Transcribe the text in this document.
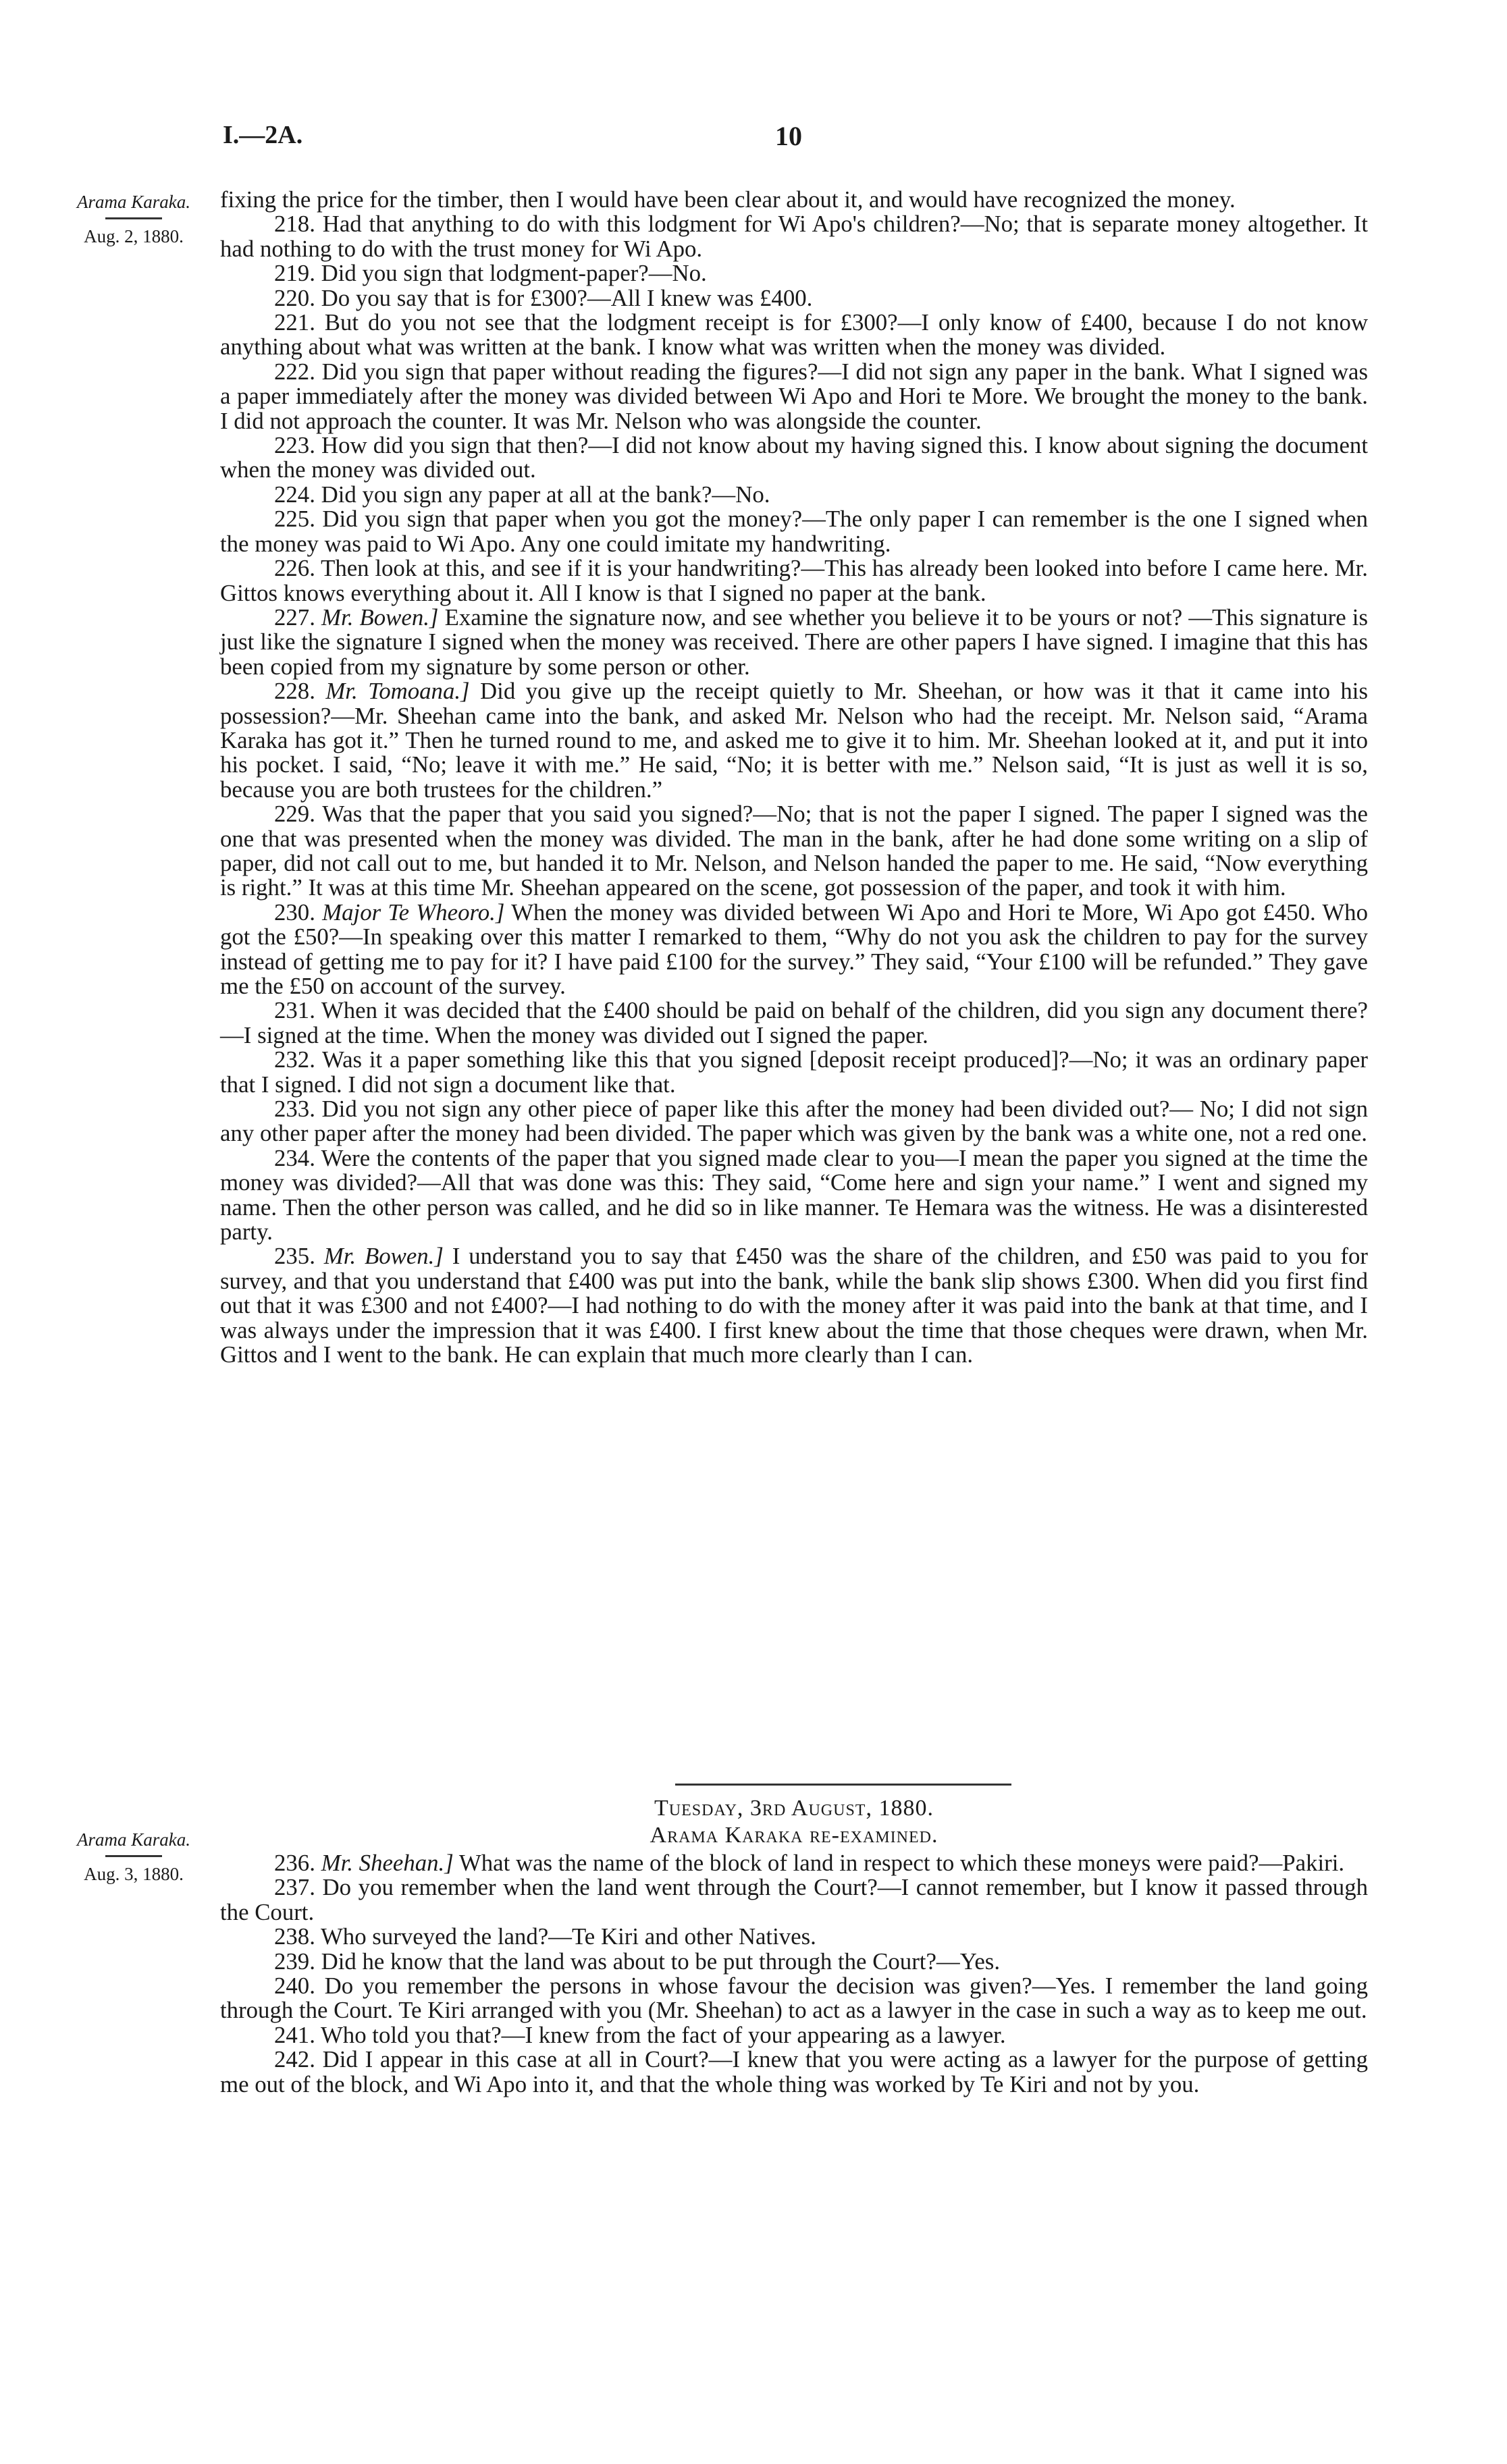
I.—2A.	10
Arama Karaka.
Aug. 2, 1880.

fixing the price for the timber, then I would have been clear about it, and would have recognized the money.

218. Had that anything to do with this lodgment for Wi Apo's children?—No; that is separate money altogether. It had nothing to do with the trust money for Wi Apo.

219. Did you sign that lodgment-paper?—No.

220. Do you say that is for £300?—All I knew was £400.

221. But do you not see that the lodgment receipt is for £300?—I only know of £400, because I do not know anything about what was written at the bank. I know what was written when the money was divided.

222. Did you sign that paper without reading the figures?—I did not sign any paper in the bank. What I signed was a paper immediately after the money was divided between Wi Apo and Hori te More. We brought the money to the bank. I did not approach the counter. It was Mr. Nelson who was alongside the counter.

223. How did you sign that then?—I did not know about my having signed this. I know about signing the document when the money was divided out.

224. Did you sign any paper at all at the bank?—No.

225. Did you sign that paper when you got the money?—The only paper I can remember is the one I signed when the money was paid to Wi Apo. Any one could imitate my handwriting.

226. Then look at this, and see if it is your handwriting?—This has already been looked into before I came here. Mr. Gittos knows everything about it. All I know is that I signed no paper at the bank.

227. Mr. Bowen.] Examine the signature now, and see whether you believe it to be yours or not? —This signature is just like the signature I signed when the money was received. There are other papers I have signed. I imagine that this has been copied from my signature by some person or other.

228. Mr. Tomoana.] Did you give up the receipt quietly to Mr. Sheehan, or how was it that it came into his possession?—Mr. Sheehan came into the bank, and asked Mr. Nelson who had the receipt. Mr. Nelson said, “Arama Karaka has got it.” Then he turned round to me, and asked me to give it to him. Mr. Sheehan looked at it, and put it into his pocket. I said, “No; leave it with me.” He said, “No; it is better with me.” Nelson said, “It is just as well it is so, because you are both trustees for the children.”

229. Was that the paper that you said you signed?—No; that is not the paper I signed. The paper I signed was the one that was presented when the money was divided. The man in the bank, after he had done some writing on a slip of paper, did not call out to me, but handed it to Mr. Nelson, and Nelson handed the paper to me. He said, “Now everything is right.” It was at this time Mr. Sheehan appeared on the scene, got possession of the paper, and took it with him.

230. Major Te Wheoro.] When the money was divided between Wi Apo and Hori te More, Wi Apo got £450. Who got the £50?—In speaking over this matter I remarked to them, “Why do not you ask the children to pay for the survey instead of getting me to pay for it? I have paid £100 for the survey.” They said, “Your £100 will be refunded.” They gave me the £50 on account of the survey.

231. When it was decided that the £400 should be paid on behalf of the children, did you sign any document there?—I signed at the time. When the money was divided out I signed the paper.

232. Was it a paper something like this that you signed [deposit receipt produced]?—No; it was an ordinary paper that I signed. I did not sign a document like that.

233. Did you not sign any other piece of paper like this after the money had been divided out?— No; I did not sign any other paper after the money had been divided. The paper which was given by the bank was a white one, not a red one.

234. Were the contents of the paper that you signed made clear to you—I mean the paper you signed at the time the money was divided?—All that was done was this: They said, “Come here and sign your name.” I went and signed my name. Then the other person was called, and he did so in like manner. Te Hemara was the witness. He was a disinterested party.

235. Mr. Bowen.] I understand you to say that £450 was the share of the children, and £50 was paid to you for survey, and that you understand that £400 was put into the bank, while the bank slip shows £300. When did you first find out that it was £300 and not £400?—I had nothing to do with the money after it was paid into the bank at that time, and I was always under the impression that it was £400. I first knew about the time that those cheques were drawn, when Mr. Gittos and I went to the bank. He can explain that much more clearly than I can.

Tuesday, 3rd August, 1880.
Arama Karaka re-examined.
Arama Karaka.
Aug. 3, 1880.	236. Mr. Sheehan.] What was the name of the block of land in respect to which these moneys were paid?—Pakiri.

237. Do you remember when the land went through the Court?—I cannot remember, but I know it passed through the Court.

238. Who surveyed the land?—Te Kiri and other Natives.

239. Did he know that the land was about to be put through the Court?—Yes.

240. Do you remember the persons in whose favour the decision was given?—Yes. I remember the land going through the Court. Te Kiri arranged with you (Mr. Sheehan) to act as a lawyer in the case in such a way as to keep me out.

241. Who told you that?—I knew from the fact of your appearing as a lawyer.

242. Did I appear in this case at all in Court?—I knew that you were acting as a lawyer for the purpose of getting me out of the block, and Wi Apo into it, and that the whole thing was worked by Te Kiri and not by you.
